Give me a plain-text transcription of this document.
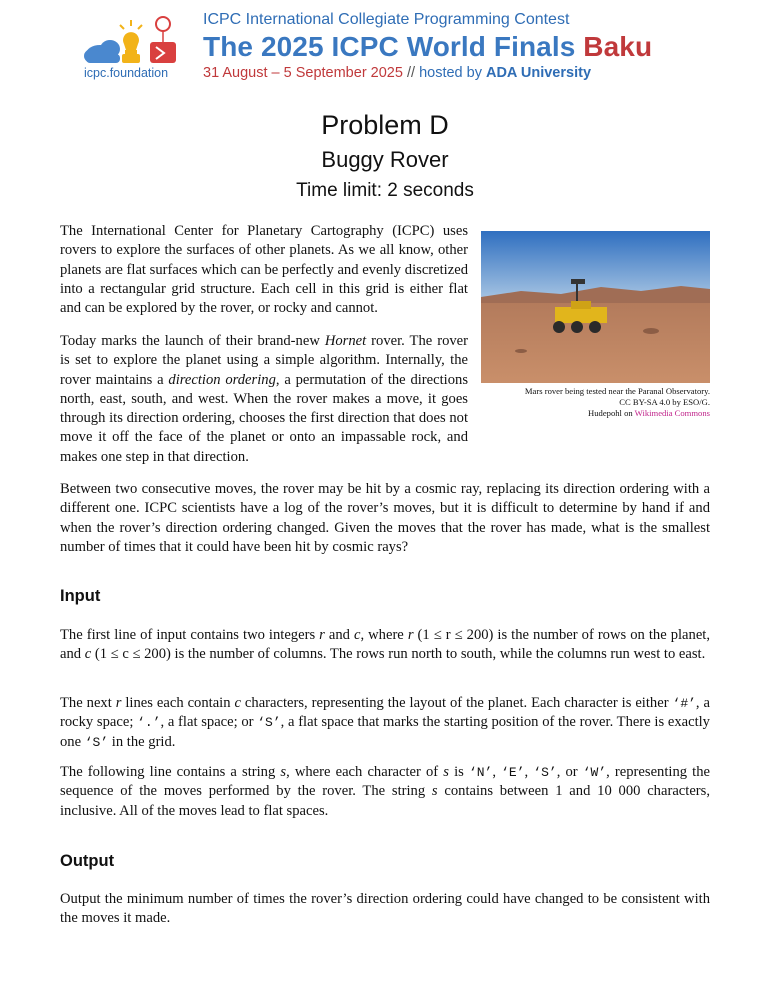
icpc.foundation
ICPC International Collegiate Programming Contest
The 2025 ICPC World Finals Baku
31 August – 5 September 2025 // hosted by ADA University
Problem D
Buggy Rover
Time limit: 2 seconds

The International Center for Planetary Cartography (ICPC) uses rovers to explore the surfaces of other planets. As we all know, other planets are flat surfaces which can be perfectly and evenly discretized into a rectangular grid structure. Each cell in this grid is either flat and can be explored by the rover, or rocky and cannot.

Today marks the launch of their brand-new Hornet rover. The rover is set to explore the planet using a simple algorithm. Internally, the rover maintains a direction ordering, a permutation of the directions north, east, south, and west. When the rover makes a move, it goes through its direction ordering, chooses the first direction that does not move it off the face of the planet or onto an impassable rock, and makes one step in that direction.

Mars rover being tested near the Paranal Observatory.
CC BY-SA 4.0 by ESO/G.
Hudepohl on Wikimedia Commons

Between two consecutive moves, the rover may be hit by a cosmic ray, replacing its direction ordering with a different one. ICPC scientists have a log of the rover’s moves, but it is difficult to determine by hand if and when the rover’s direction ordering changed. Given the moves that the rover has made, what is the smallest number of times that it could have been hit by cosmic rays?

Input

The first line of input contains two integers r and c, where r (1 ≤ r ≤ 200) is the number of rows on the planet, and c (1 ≤ c ≤ 200) is the number of columns. The rows run north to south, while the columns run west to east.

The next r lines each contain c characters, representing the layout of the planet. Each character is either ‘#’, a rocky space; ‘.’, a flat space; or ‘S’, a flat space that marks the starting position of the rover. There is exactly one ‘S’ in the grid.

The following line contains a string s, where each character of s is ‘N’, ‘E’, ‘S’, or ‘W’, representing the sequence of the moves performed by the rover. The string s contains between 1 and 10 000 characters, inclusive. All of the moves lead to flat spaces.

Output

Output the minimum number of times the rover’s direction ordering could have changed to be consistent with the moves it made.
